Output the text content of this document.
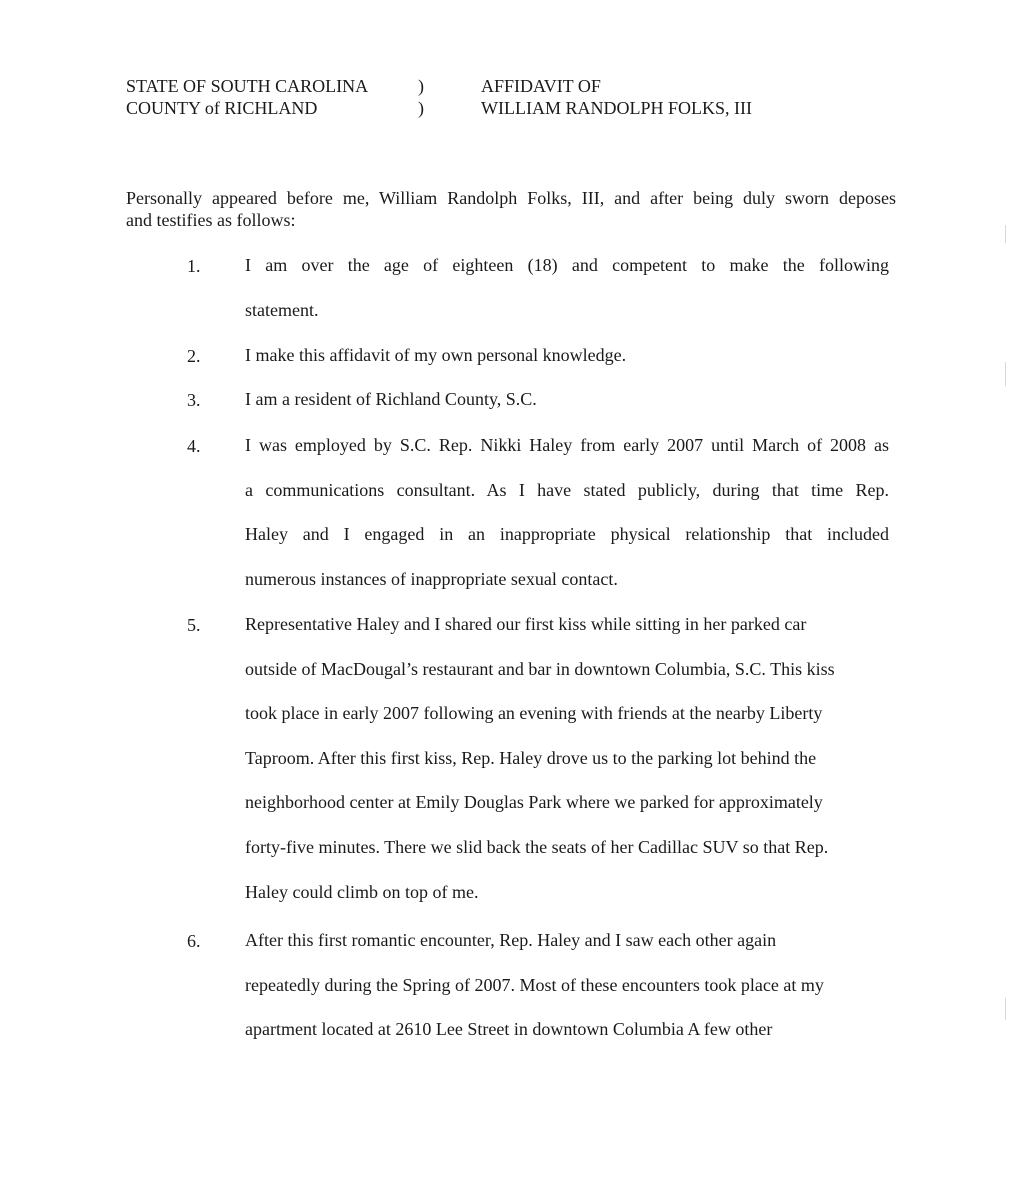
STATE OF SOUTH CAROLINA
COUNTY of RICHLAND
)
)
AFFIDAVIT OF
WILLIAM RANDOLPH FOLKS, III
Personally appeared before me, William Randolph Folks, III, and after being duly sworn deposes
and testifies as follows:
1. I am over the age of eighteen (18) and competent to make the following
statement.
2. I make this affidavit of my own personal knowledge.
3. I am a resident of Richland County, S.C.
4. I was employed by S.C. Rep. Nikki Haley from early 2007 until March of 2008 as
a communications consultant. As I have stated publicly, during that time Rep.
Haley and I engaged in an inappropriate physical relationship that included
numerous instances of inappropriate sexual contact.
5. Representative Haley and I shared our first kiss while sitting in her parked car
outside of MacDougal’s restaurant and bar in downtown Columbia, S.C. This kiss
took place in early 2007 following an evening with friends at the nearby Liberty
Taproom. After this first kiss, Rep. Haley drove us to the parking lot behind the
neighborhood center at Emily Douglas Park where we parked for approximately
forty-five minutes. There we slid back the seats of her Cadillac SUV so that Rep.
Haley could climb on top of me.
6. After this first romantic encounter, Rep. Haley and I saw each other again
repeatedly during the Spring of 2007. Most of these encounters took place at my
apartment located at 2610 Lee Street in downtown Columbia A few other
